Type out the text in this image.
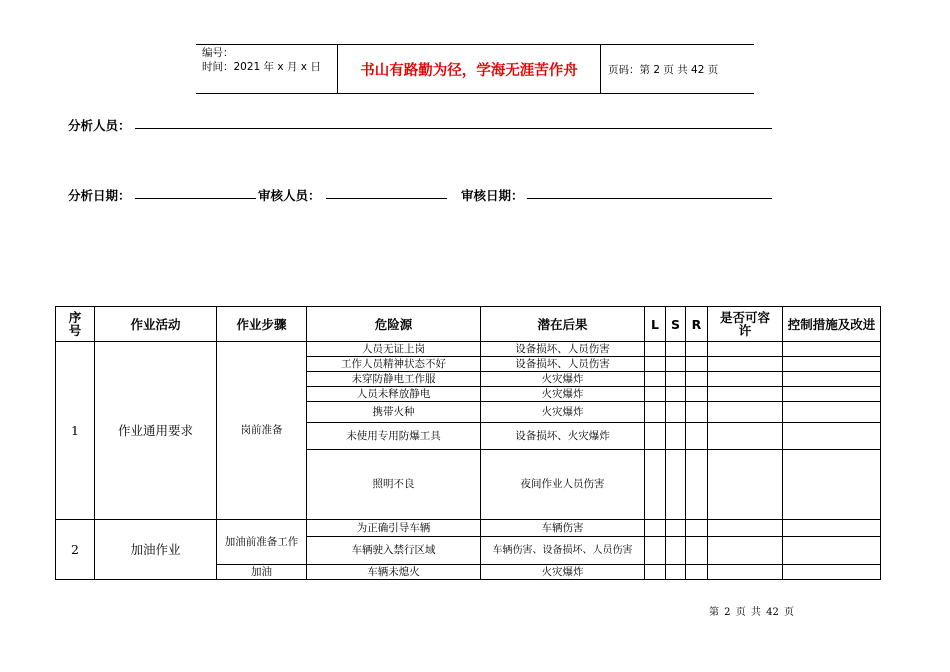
编号：
时间：2021 年 x 月 x 日	书山有路勤为径，学海无涯苦作舟	页码：第 2 页 共 42 页
分析人员：
分析日期：	审核人员：	审核日期：
序号	作业活动	作业步骤	危险源	潜在后果	L	S	R	是否可容许	控制措施及改进

1	作业通用要求	岗前准备	人员无证上岗	设备损坏、人员伤害					
			工作人员精神状态不好	设备损坏、人员伤害					
			未穿防静电工作服	火灾爆炸					
			人员未释放静电	火灾爆炸					
			携带火种	火灾爆炸					
			未使用专用防爆工具	设备损坏、火灾爆炸					
			照明不良	夜间作业人员伤害					
2	加油作业	加油前准备工作	为正确引导车辆	车辆伤害					
			车辆驶入禁行区域	车辆伤害、设备损坏、人员伤害					

		加油	车辆未熄火	火灾爆炸					
第 2 页 共 42 页
